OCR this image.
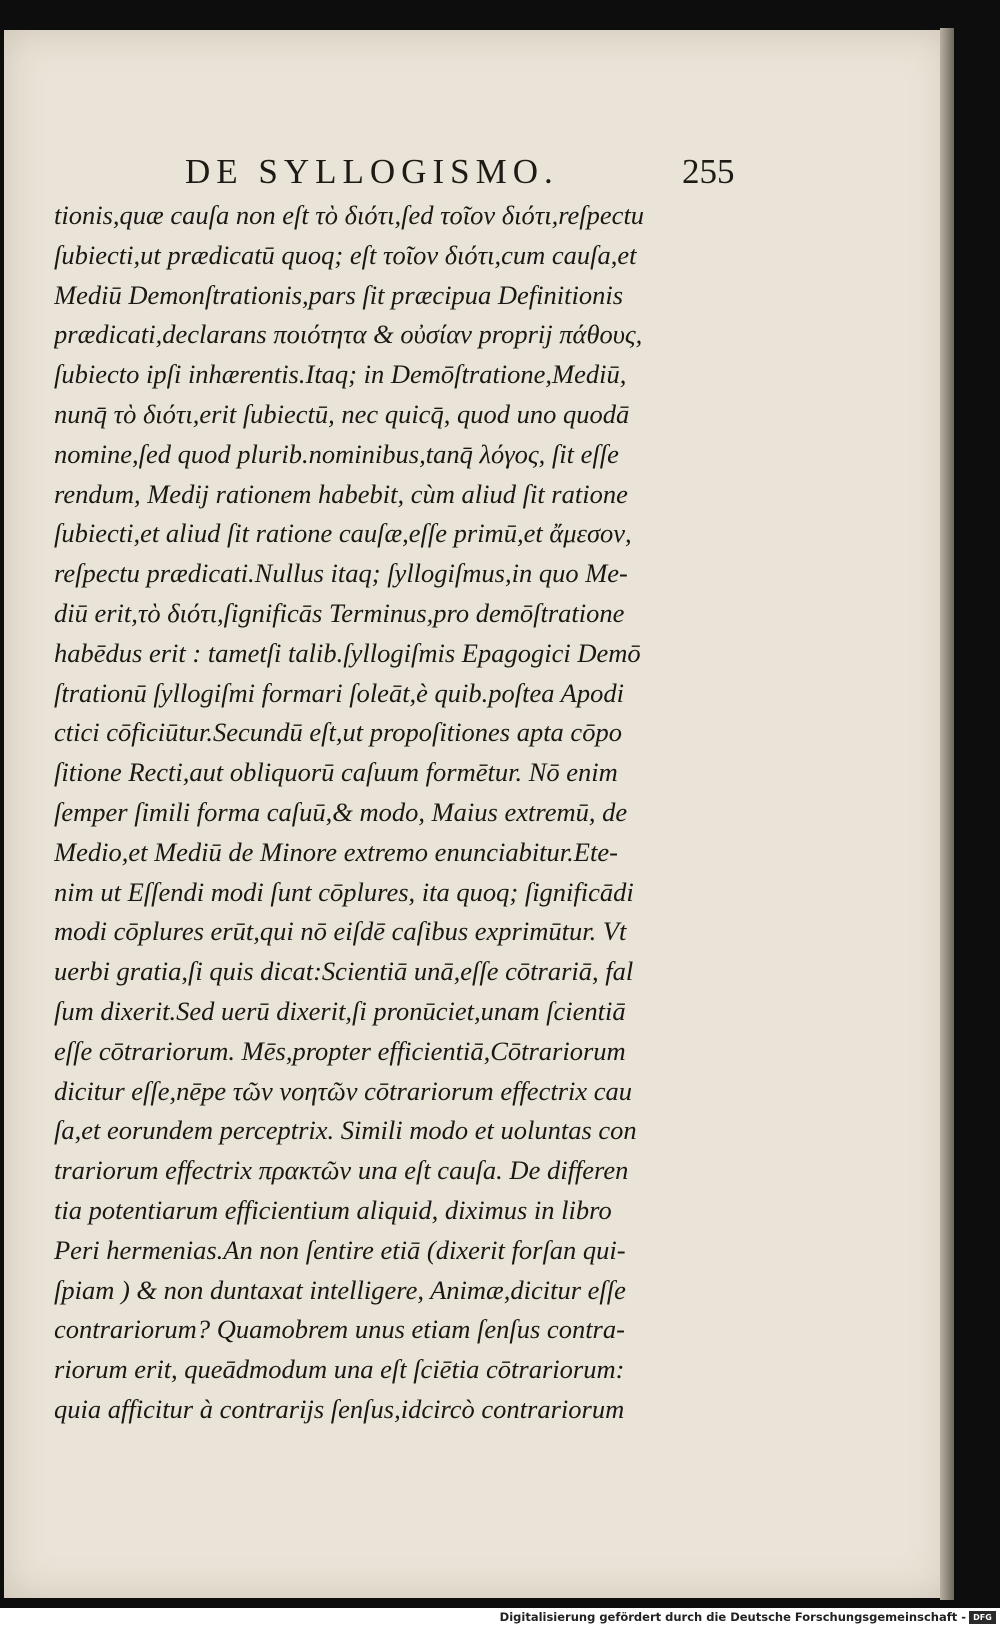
DE SYLLOGISMO.	255
tionis,quæ cauſa non eſt τὸ διότι,ſed τοῖον διότι,reſpectu
ſubiecti,ut prædicatū quoq; eſt τοῖον διότι,cum cauſa,et
Mediū Demonſtrationis,pars ſit præcipua Definitionis
prædicati,declarans ποιότητα & οὐσίαν proprij πάθους,
ſubiecto ipſi inhærentis.Itaq; in Demōſtratione,Mediū,
nunq̄ τὸ διότι,erit ſubiectū, nec quicq̄, quod uno quodā
nomine,ſed quod plurib.nominibus,tanq̄ λόγος, ſit eſſe
rendum, Medij rationem habebit, cùm aliud ſit ratione
ſubiecti,et aliud ſit ratione cauſæ,eſſe primū,et ἄμεσον,
reſpectu prædicati.Nullus itaq; ſyllogiſmus,in quo Me-
diū erit,τὸ διότι,ſignificās Terminus,pro demōſtratione
habēdus erit : tametſi talib.ſyllogiſmis Epagogici Demō
ſtrationū ſyllogiſmi formari ſoleāt,è quib.poſtea Apodi
ctici cōficiūtur.Secundū eſt,ut propoſitiones apta cōpo
ſitione Recti,aut obliquorū caſuum formētur. Nō enim
ſemper ſimili forma caſuū,& modo, Maius extremū, de
Medio,et Mediū de Minore extremo enunciabitur.Ete-
nim ut Eſſendi modi ſunt cōplures, ita quoq; ſignificādi
modi cōplures erūt,qui nō eiſdē caſibus exprimūtur. Vt
uerbi gratia,ſi quis dicat:Scientiā unā,eſſe cōtrariā, fal
ſum dixerit.Sed uerū dixerit,ſi pronūciet,unam ſcientiā
eſſe cōtrariorum. Mēs,propter efficientiā,Cōtrariorum
dicitur eſſe,nēpe τῶν νοητῶν cōtrariorum effectrix cau
ſa,et eorundem perceptrix. Simili modo et uoluntas con
trariorum effectrix πρακτῶν una eſt cauſa. De differen
tia potentiarum efficientium aliquid, diximus in libro
Peri hermenias.An non ſentire etiā (dixerit forſan qui-
ſpiam ) & non duntaxat intelligere, Animæ,dicitur eſſe
contrariorum? Quamobrem unus etiam ſenſus contra-
riorum erit, queādmodum una eſt ſciētia cōtrariorum:
quia afficitur à contrarijs ſenſus,idcircò contrariorum
Digitalisierung gefördert durch die Deutsche Forschungsgemeinschaft - DFG
